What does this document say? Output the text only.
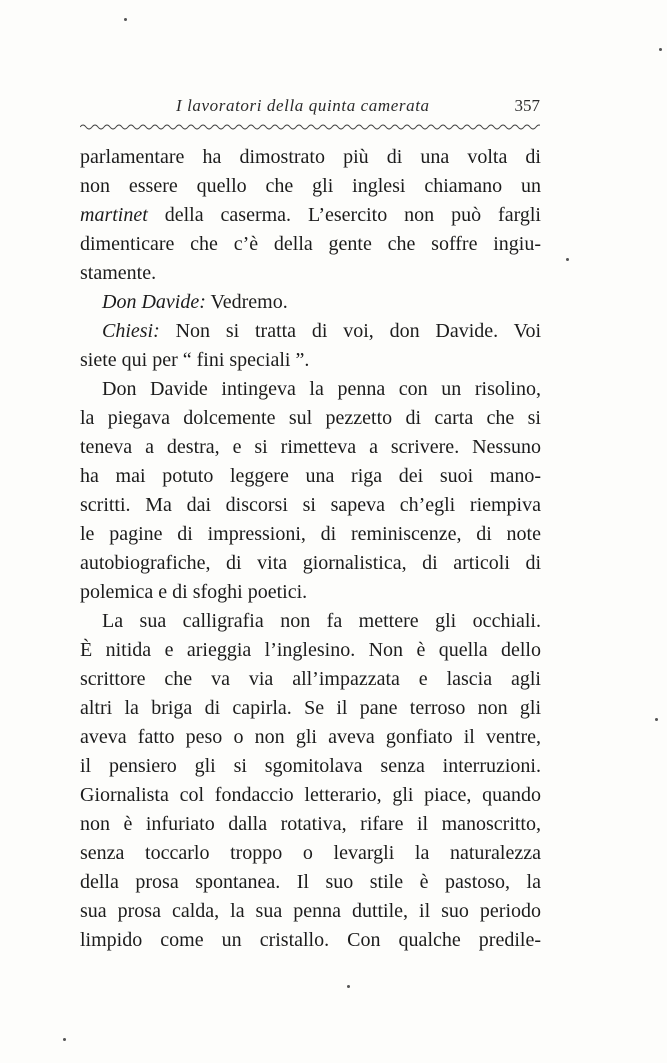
I lavoratori della quinta camerata	357
parlamentare ha dimostrato più di una volta di
non essere quello che gli inglesi chiamano un
martinet della caserma. L’esercito non può fargli
dimenticare che c’è della gente che soffre ingiu-
stamente.
Don Davide: Vedremo.
Chiesi: Non si tratta di voi, don Davide. Voi
siete qui per “ fini speciali ”.
Don Davide intingeva la penna con un risolino,
la piegava dolcemente sul pezzetto di carta che si
teneva a destra, e si rimetteva a scrivere. Nessuno
ha mai potuto leggere una riga dei suoi mano-
scritti. Ma dai discorsi si sapeva ch’egli riempiva
le pagine di impressioni, di reminiscenze, di note
autobiografiche, di vita giornalistica, di articoli di
polemica e di sfoghi poetici.
La sua calligrafia non fa mettere gli occhiali.
È nitida e arieggia l’inglesino. Non è quella dello
scrittore che va via all’impazzata e lascia agli
altri la briga di capirla. Se il pane terroso non gli
aveva fatto peso o non gli aveva gonfiato il ventre,
il pensiero gli si sgomitolava senza interruzioni.
Giornalista col fondaccio letterario, gli piace, quando
non è infuriato dalla rotativa, rifare il manoscritto,
senza toccarlo troppo o levargli la naturalezza
della prosa spontanea. Il suo stile è pastoso, la
sua prosa calda, la sua penna duttile, il suo periodo
limpido come un cristallo. Con qualche predile-
